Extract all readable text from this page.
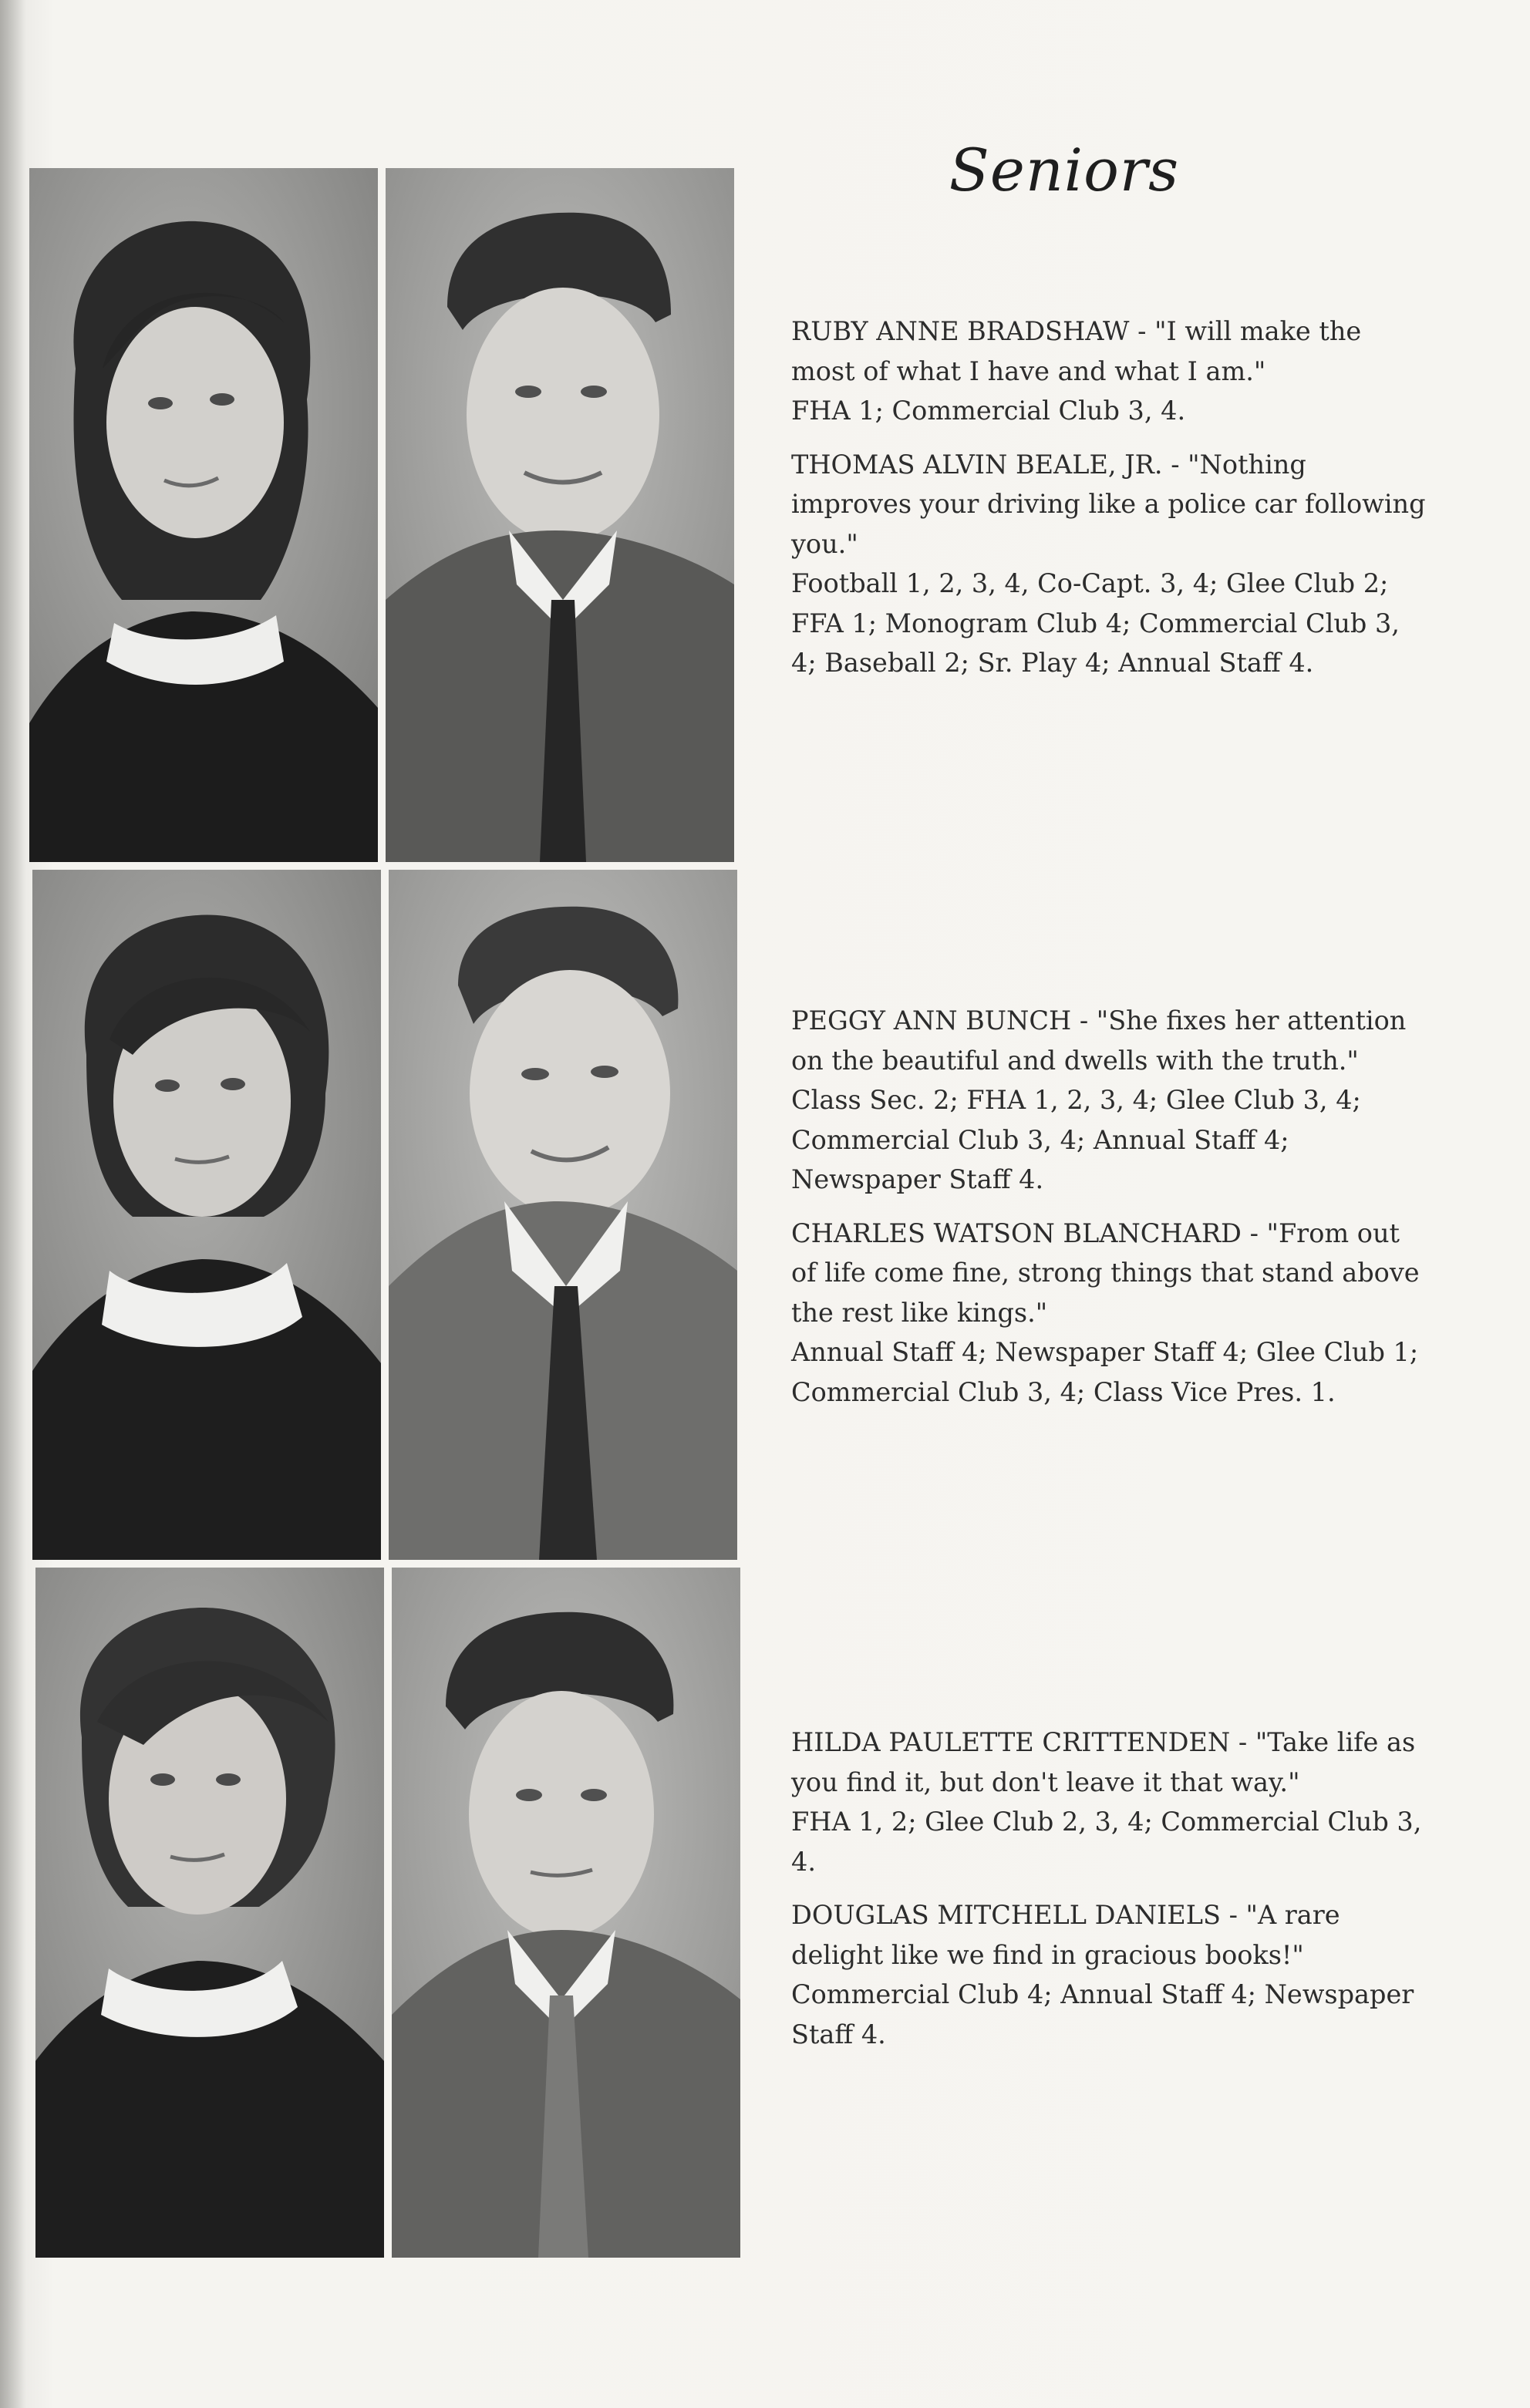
Seniors
RUBY ANNE BRADSHAW - "I will make the most of what I have and what I am."
FHA 1; Commercial Club 3, 4.
THOMAS ALVIN BEALE, JR. - "Nothing improves your driving like a police car following you."
Football 1, 2, 3, 4, Co-Capt. 3, 4; Glee Club 2; FFA 1; Monogram Club 4; Commercial Club 3, 4; Baseball 2; Sr. Play 4; Annual Staff 4.
PEGGY ANN BUNCH - "She fixes her attention on the beautiful and dwells with the truth."
Class Sec. 2; FHA 1, 2, 3, 4; Glee Club 3, 4; Commercial Club 3, 4; Annual Staff 4; Newspaper Staff 4.
CHARLES WATSON BLANCHARD - "From out of life come fine, strong things that stand above the rest like kings."
Annual Staff 4; Newspaper Staff 4; Glee Club 1; Commercial Club 3, 4; Class Vice Pres. 1.
HILDA PAULETTE CRITTENDEN - "Take life as you find it, but don't leave it that way."
FHA 1, 2; Glee Club 2, 3, 4; Commercial Club 3, 4.
DOUGLAS MITCHELL DANIELS - "A rare delight like we find in gracious books!"
Commercial Club 4; Annual Staff 4; Newspaper Staff 4.
